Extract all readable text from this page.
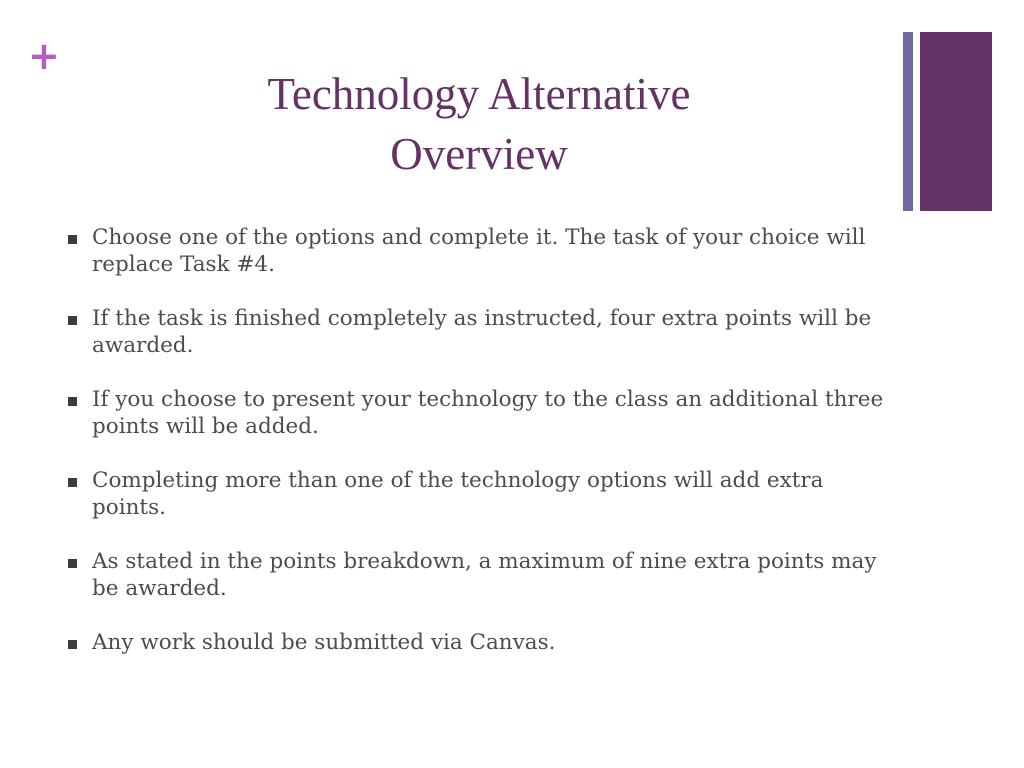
+
Technology Alternative
Overview
Choose one of the options and complete it. The task of your choice will replace Task #4.
If the task is finished completely as instructed, four extra points will be awarded.
If you choose to present your technology to the class an additional three points will be added.
Completing more than one of the technology options will add extra points.
As stated in the points breakdown, a maximum of nine extra points may be awarded.
Any work should be submitted via Canvas.
